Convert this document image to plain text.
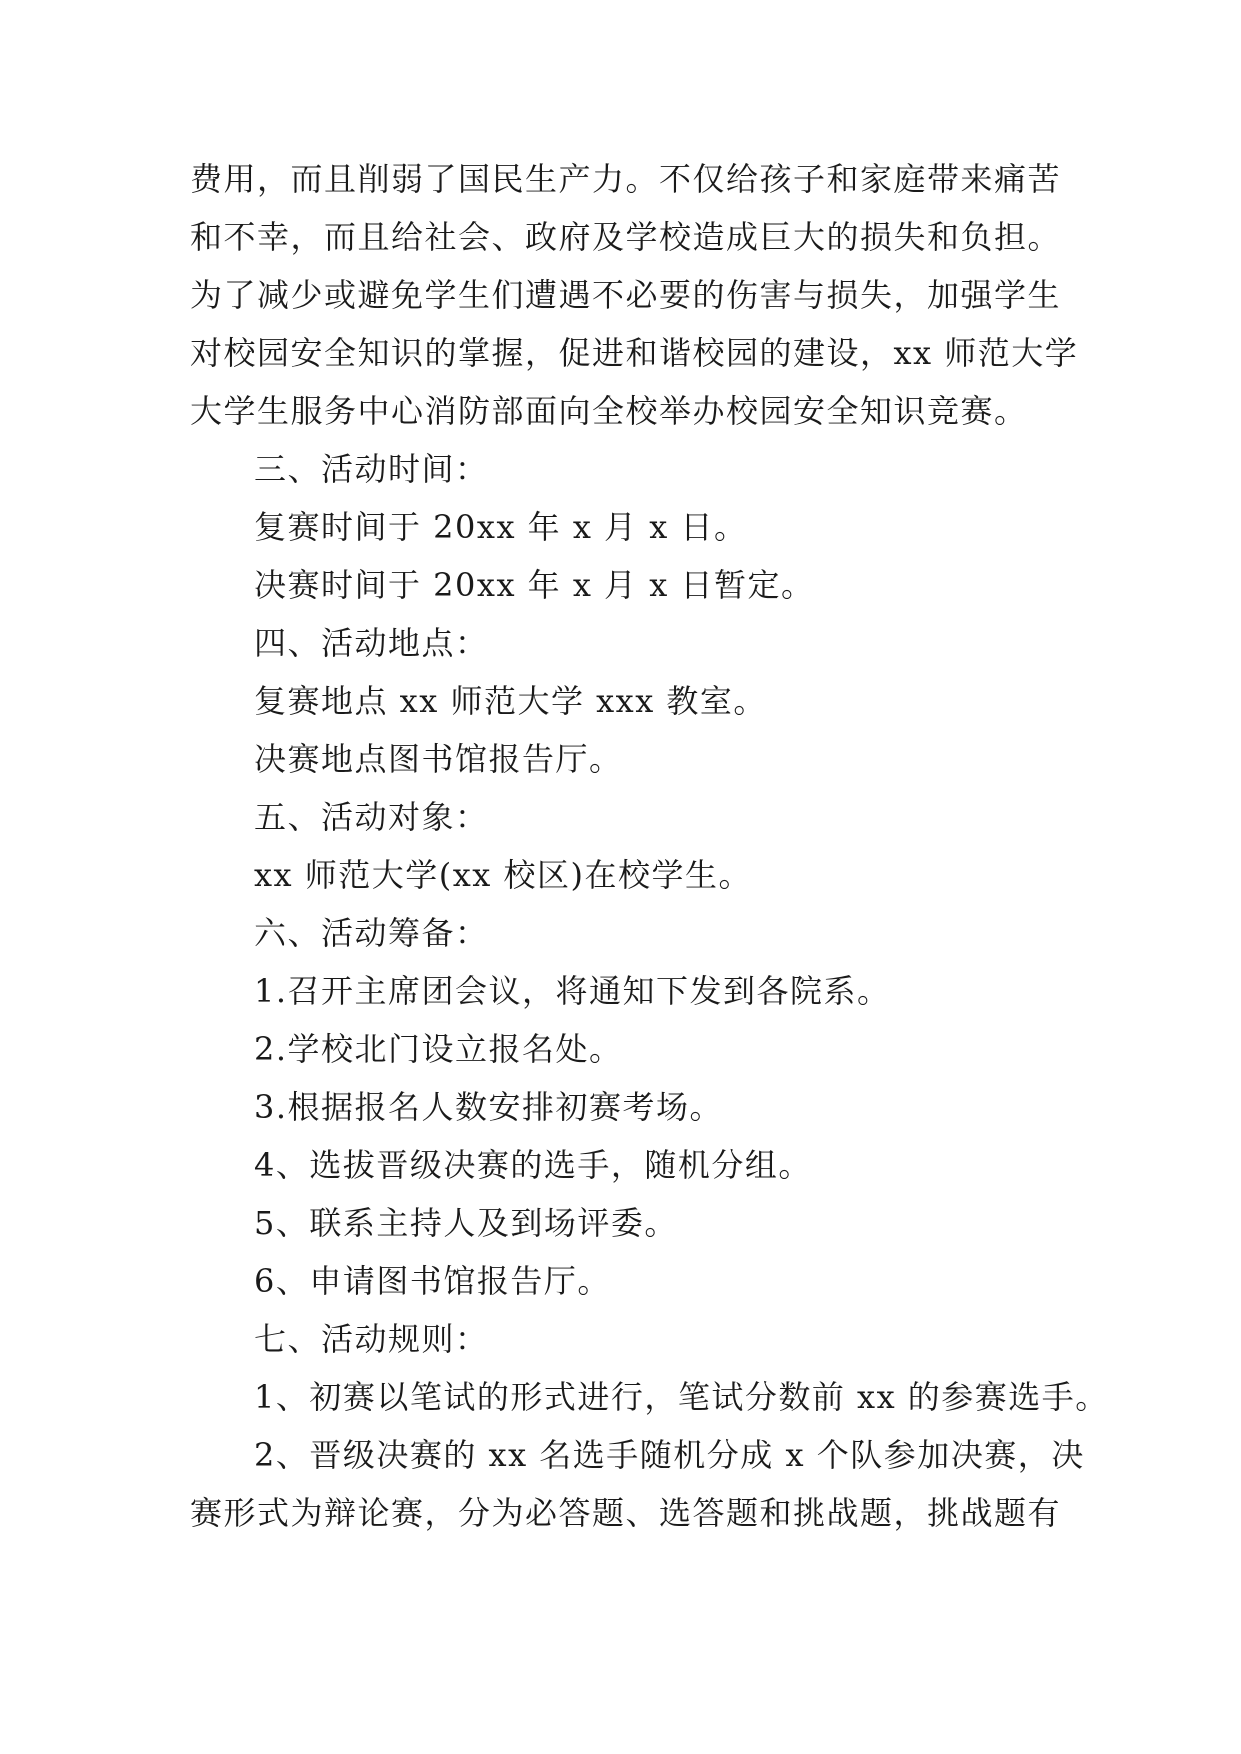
费用，而且削弱了国民生产力。不仅给孩子和家庭带来痛苦
和不幸，而且给社会、政府及学校造成巨大的损失和负担。
为了减少或避免学生们遭遇不必要的伤害与损失，加强学生
对校园安全知识的掌握，促进和谐校园的建设，xx 师范大学
大学生服务中心消防部面向全校举办校园安全知识竞赛。
三、活动时间：
复赛时间于 20xx 年 x 月 x 日。
决赛时间于 20xx 年 x 月 x 日暂定。
四、活动地点：
复赛地点 xx 师范大学 xxx 教室。
决赛地点图书馆报告厅。
五、活动对象：
xx 师范大学(xx 校区)在校学生。
六、活动筹备：
1.召开主席团会议，将通知下发到各院系。
2.学校北门设立报名处。
3.根据报名人数安排初赛考场。
4、选拔晋级决赛的选手，随机分组。
5、联系主持人及到场评委。
6、申请图书馆报告厅。
七、活动规则：
1、初赛以笔试的形式进行，笔试分数前 xx 的参赛选手。
2、晋级决赛的 xx 名选手随机分成 x 个队参加决赛，决
赛形式为辩论赛，分为必答题、选答题和挑战题，挑战题有
